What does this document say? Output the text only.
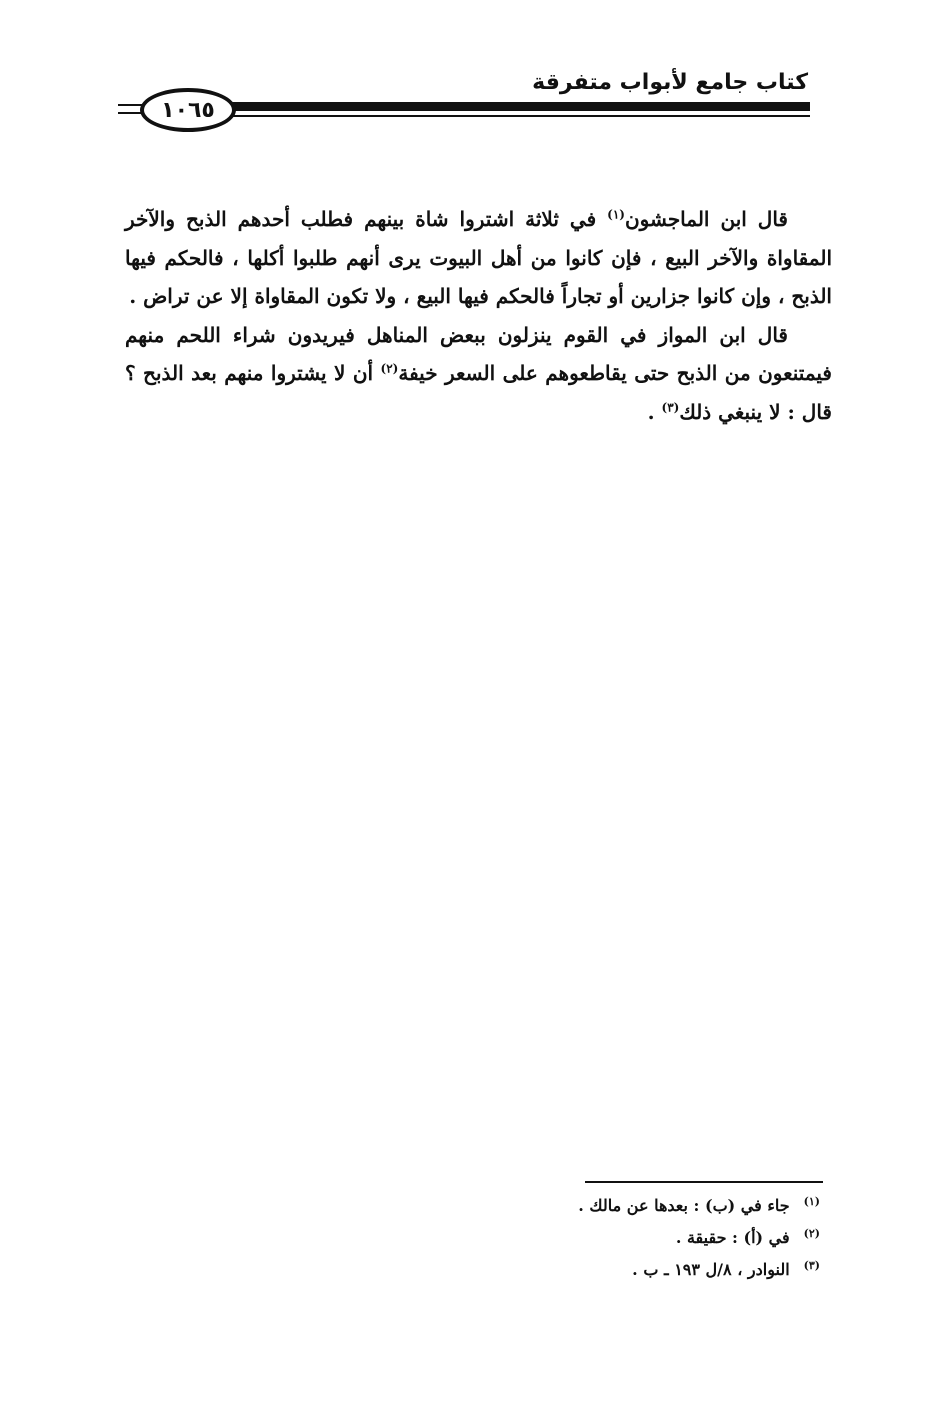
كتاب جامع لأبواب متفرقة
١٠٦٥

قال ابن الماجشون$^{(١)}$ في ثلاثة اشتروا شاة بينهم فطلب أحدهم الذبح والآخر المقاواة والآخر البيع ، فإن كانوا من أهل البيوت يرى أنهم طلبوا أكلها ، فالحكم فيها الذبح ، وإن كانوا جزارين أو تجاراً فالحكم فيها البيع ، ولا تكون المقاواة إلا عن تراض .

قال ابن المواز في القوم ينزلون ببعض المناهل فيريدون شراء اللحم منهم فيمتنعون من الذبح حتى يقاطعوهم على السعر خيفة$^{(٢)}$ أن لا يشتروا منهم بعد الذبح ؟ قال : لا ينبغي ذلك$^{(٣)}$ .

(١)جاء في (ب) : بعدها عن مالك .
(٢)في (أ) : حقيقة .
(٣)النوادر ، ٨/ل ١٩٣ ـ ب .
